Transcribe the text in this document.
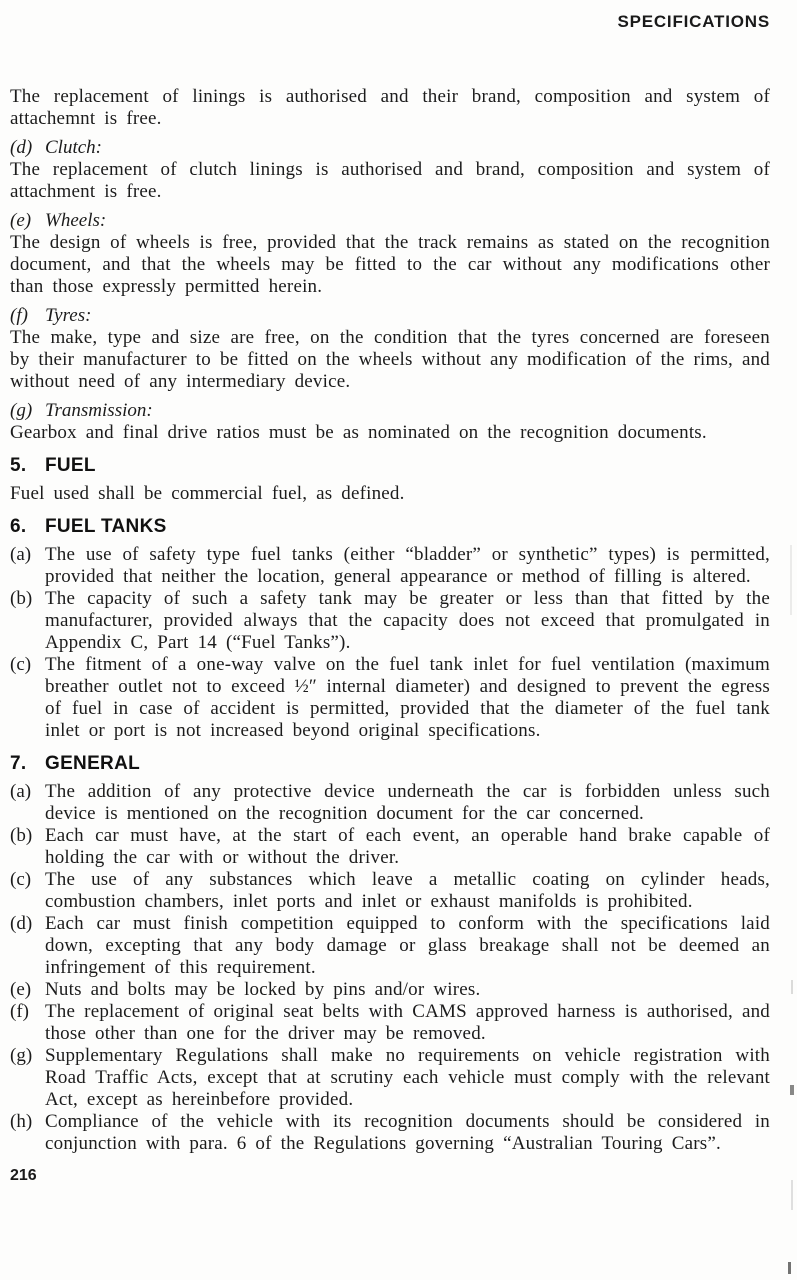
SPECIFICATIONS

The replacement of linings is authorised and their brand, composition and system of attachemnt is free.

(d) Clutch:

The replacement of clutch linings is authorised and brand, composition and system of attachment is free.

(e) Wheels:

The design of wheels is free, provided that the track remains as stated on the recognition document, and that the wheels may be fitted to the car without any modifications other than those expressly permitted herein.

(f) Tyres:

The make, type and size are free, on the condition that the tyres concerned are foreseen by their manufacturer to be fitted on the wheels without any modification of the rims, and without need of any intermediary device.

(g) Transmission:

Gearbox and final drive ratios must be as nominated on the recognition documents.

5. FUEL

Fuel used shall be commercial fuel, as defined.

6. FUEL TANKS
(a) The use of safety type fuel tanks (either “bladder” or synthetic” types) is permitted, provided that neither the location, general appearance or method of filling is altered.
(b) The capacity of such a safety tank may be greater or less than that fitted by the manufacturer, provided always that the capacity does not exceed that promulgated in Appendix C, Part 14 (“Fuel Tanks”).
(c) The fitment of a one-way valve on the fuel tank inlet for fuel ventilation (maximum breather outlet not to exceed ½″ internal diameter) and designed to prevent the egress of fuel in case of accident is permitted, provided that the diameter of the fuel tank inlet or port is not increased beyond original specifications.
7. GENERAL
(a) The addition of any protective device underneath the car is forbidden unless such device is mentioned on the recognition document for the car concerned.
(b) Each car must have, at the start of each event, an operable hand brake capable of holding the car with or without the driver.
(c) The use of any substances which leave a metallic coating on cylinder heads, combustion chambers, inlet ports and inlet or exhaust manifolds is prohibited.
(d) Each car must finish competition equipped to conform with the specifications laid down, excepting that any body damage or glass breakage shall not be deemed an infringement of this requirement.
(e) Nuts and bolts may be locked by pins and/or wires.
(f) The replacement of original seat belts with CAMS approved harness is authorised, and those other than one for the driver may be removed.
(g) Supplementary Regulations shall make no requirements on vehicle registration with Road Traffic Acts, except that at scrutiny each vehicle must comply with the relevant Act, except as hereinbefore provided.
(h) Compliance of the vehicle with its recognition documents should be considered in conjunction with para. 6 of the Regulations governing “Australian Touring Cars”.
216
